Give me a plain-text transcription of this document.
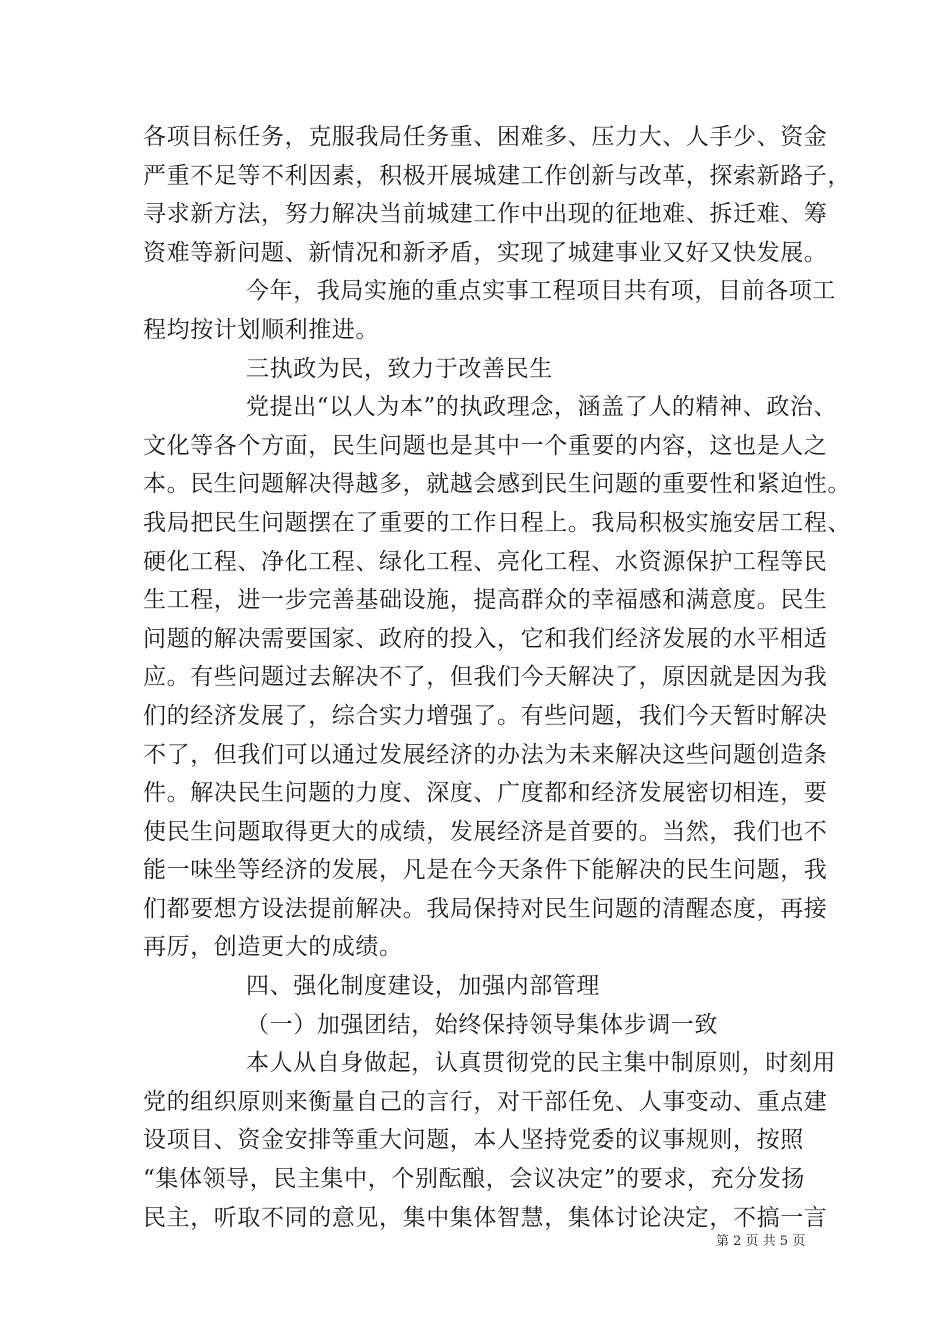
各项目标任务，克服我局任务重、困难多、压力大、人手少、资金
严重不足等不利因素，积极开展城建工作创新与改革，探索新路子，
寻求新方法，努力解决当前城建工作中出现的征地难、拆迁难、筹
资难等新问题、新情况和新矛盾，实现了城建事业又好又快发展。
今年，我局实施的重点实事工程项目共有项，目前各项工
程均按计划顺利推进。
三执政为民，致力于改善民生
党提出“以人为本”的执政理念，涵盖了人的精神、政治、
文化等各个方面，民生问题也是其中一个重要的内容，这也是人之
本。民生问题解决得越多，就越会感到民生问题的重要性和紧迫性。
我局把民生问题摆在了重要的工作日程上。我局积极实施安居工程、
硬化工程、净化工程、绿化工程、亮化工程、水资源保护工程等民
生工程，进一步完善基础设施，提高群众的幸福感和满意度。民生
问题的解决需要国家、政府的投入，它和我们经济发展的水平相适
应。有些问题过去解决不了，但我们今天解决了，原因就是因为我
们的经济发展了，综合实力增强了。有些问题，我们今天暂时解决
不了，但我们可以通过发展经济的办法为未来解决这些问题创造条
件。解决民生问题的力度、深度、广度都和经济发展密切相连，要
使民生问题取得更大的成绩，发展经济是首要的。当然，我们也不
能一味坐等经济的发展，凡是在今天条件下能解决的民生问题，我
们都要想方设法提前解决。我局保持对民生问题的清醒态度，再接
再厉，创造更大的成绩。
四、强化制度建设，加强内部管理
（一）加强团结，始终保持领导集体步调一致
本人从自身做起，认真贯彻党的民主集中制原则，时刻用
党的组织原则来衡量自己的言行，对干部任免、人事变动、重点建
设项目、资金安排等重大问题，本人坚持党委的议事规则，按照
“集体领导，民主集中，个别酝酿，会议决定”的要求，充分发扬
民主，听取不同的意见，集中集体智慧，集体讨论决定，不搞一言
第 2 页 共 5 页
